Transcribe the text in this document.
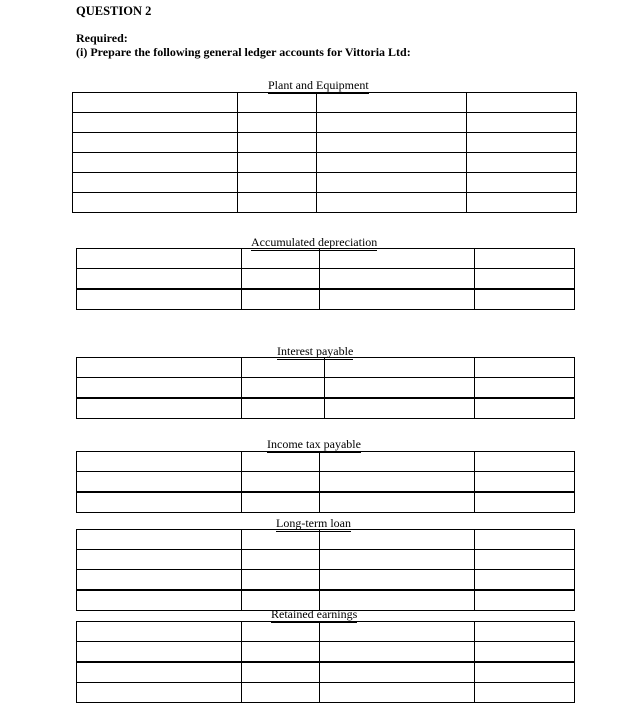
QUESTION 2
Required:
(i) Prepare the following general ledger accounts for Vittoria Ltd:
Plant and Equipment

Accumulated depreciation

Interest payable

Income tax payable

Long-term loan

Retained earnings
